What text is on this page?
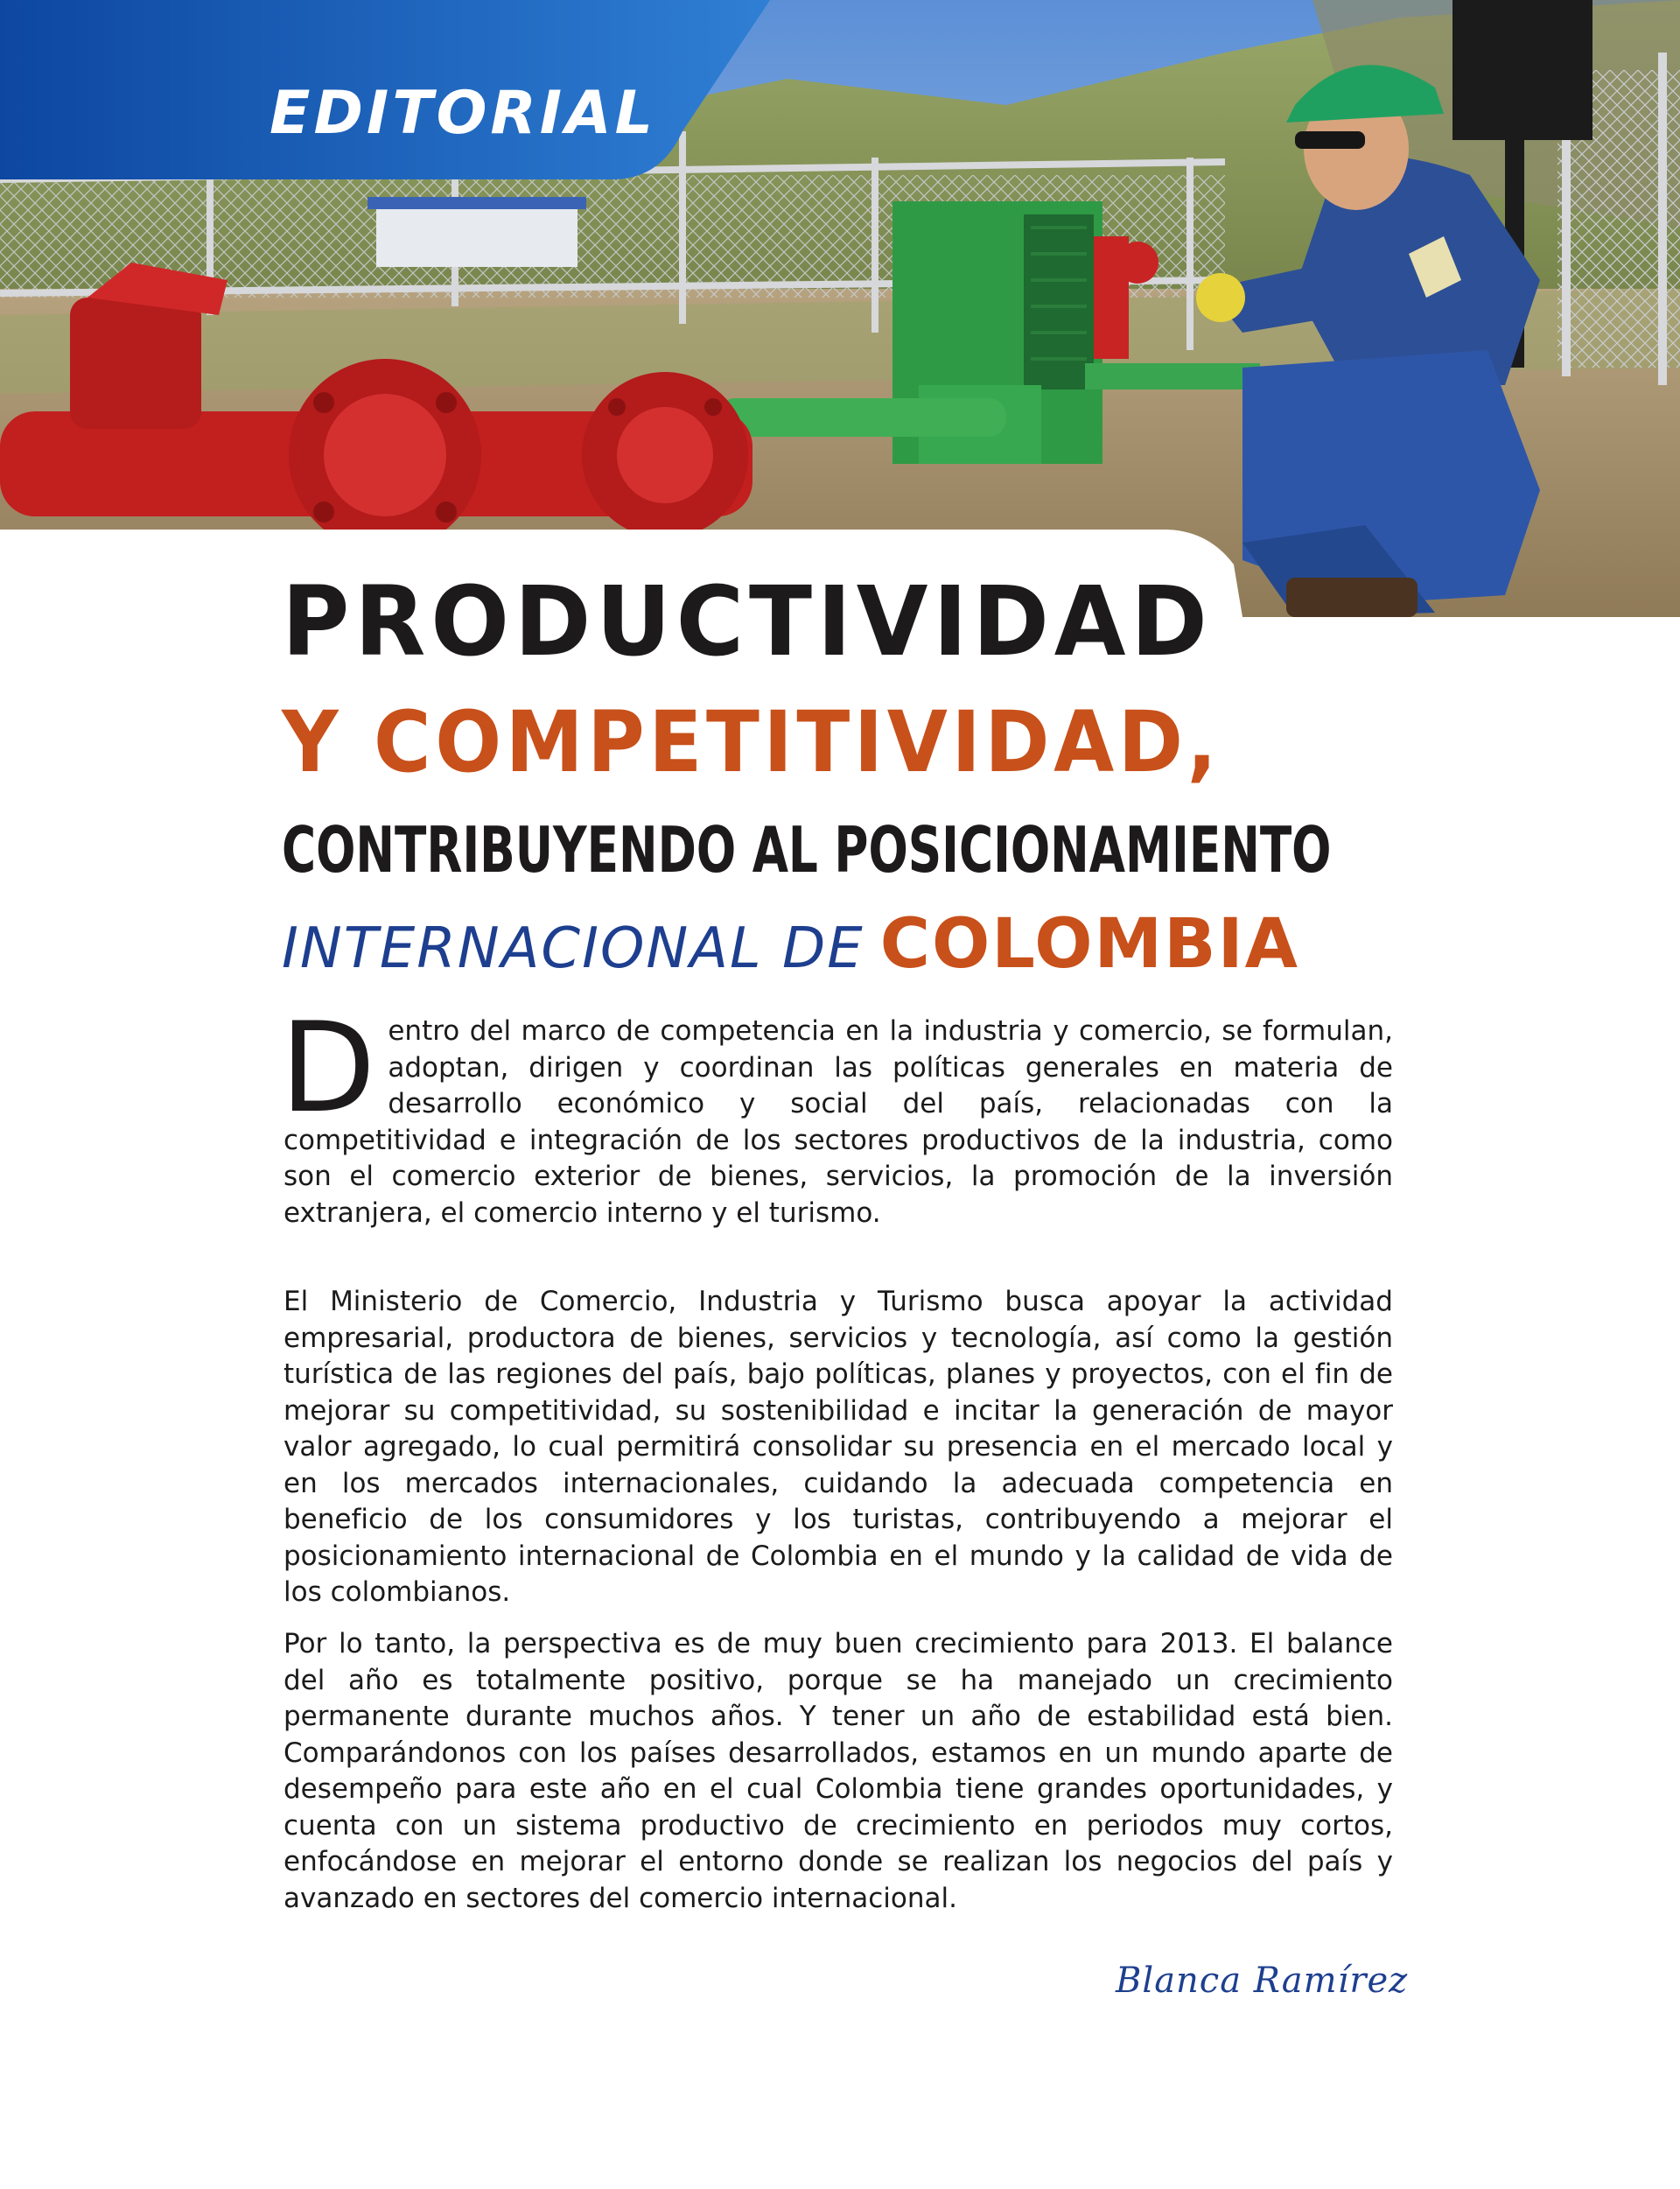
EDITORIAL
PRODUCTIVIDAD
Y COMPETITIVIDAD,
CONTRIBUYENDO AL POSICIONAMIENTO
INTERNACIONAL DE COLOMBIA

Dentro del marco de competencia en la industria y comercio, se formulan, adoptan, dirigen y coordinan las políticas generales en materia de desarrollo económico y social del país, relacionadas con la competitividad e integración de los sectores productivos de la industria, como son el comercio exterior de bienes, servicios, la promoción de la inversión extranjera, el comercio interno y el turismo.

El Ministerio de Comercio, Industria y Turismo busca apoyar la actividad empresarial, productora de bienes, servicios y tecnología, así como la gestión turística de las regiones del país, bajo políticas, planes y proyectos, con el fin de mejorar su competitividad, su sostenibilidad e incitar la generación de mayor valor agregado, lo cual permitirá consolidar su presencia en el mercado local y en los mercados internacionales, cuidando la adecuada competencia en beneficio de los consumidores y los turistas, contribuyendo a mejorar el posicionamiento internacional de Colombia en el mundo y la calidad de vida de los colombianos.

Por lo tanto, la perspectiva es de muy buen crecimiento para 2013. El balance del año es totalmente positivo, porque se ha manejado un crecimiento permanente durante muchos años. Y tener un año de estabilidad está bien. Comparándonos con los países desarrollados, estamos en un mundo aparte de desempeño para este año en el cual Colombia tiene grandes oportunidades, y cuenta con un sistema productivo de crecimiento en periodos muy cortos, enfocándose en mejorar el entorno donde se realizan los negocios del país y avanzado en sectores del comercio internacional.

Blanca Ramírez
